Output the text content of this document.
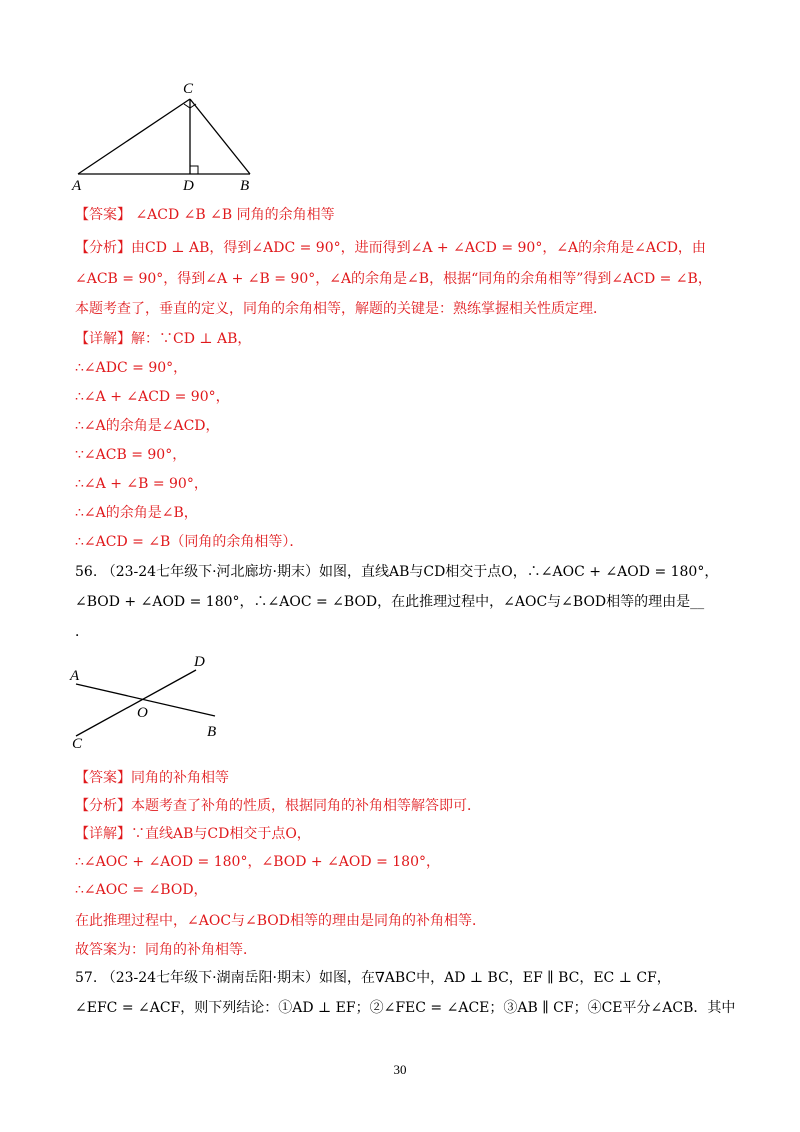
C
A	D	B
【答案】 ∠ACD ∠B ∠B 同角的余角相等
【分析】由CD ⊥ AB，得到∠ADC = 90°，进而得到∠A + ∠ACD = 90°，∠A的余角是∠ACD，由
∠ACB = 90°，得到∠A + ∠B = 90°，∠A的余角是∠B，根据“同角的余角相等”得到∠ACD = ∠B，
本题考查了，垂直的定义，同角的余角相等，解题的关键是：熟练掌握相关性质定理．
【详解】解：∵CD ⊥ AB，
∴∠ADC = 90°，
∴∠A + ∠ACD = 90°，
∴∠A的余角是∠ACD，
∵∠ACB = 90°，
∴∠A + ∠B = 90°，
∴∠A的余角是∠B，
∴∠ACD = ∠B（同角的余角相等）．
56. （23-24七年级下·河北廊坊·期末）如图，直线AB与CD相交于点O，∴∠AOC + ∠AOD = 180°，
∠BOD + ∠AOD = 180°，∴∠AOC = ∠BOD，在此推理过程中，∠AOC与∠BOD相等的理由是__
．
A
D
O
C
B
【答案】同角的补角相等
【分析】本题考查了补角的性质，根据同角的补角相等解答即可．
【详解】∵直线AB与CD相交于点O，
∴∠AOC + ∠AOD = 180°，∠BOD + ∠AOD = 180°，
∴∠AOC = ∠BOD，
在此推理过程中，∠AOC与∠BOD相等的理由是同角的补角相等．
故答案为：同角的补角相等．
57. （23-24七年级下·湖南岳阳·期末）如图，在∇ABC中，AD ⊥ BC，EF ∥ BC，EC ⊥ CF，
∠EFC = ∠ACF，则下列结论：①AD ⊥ EF；②∠FEC = ∠ACE；③AB ∥ CF；④CE平分∠ACB．其中
30
